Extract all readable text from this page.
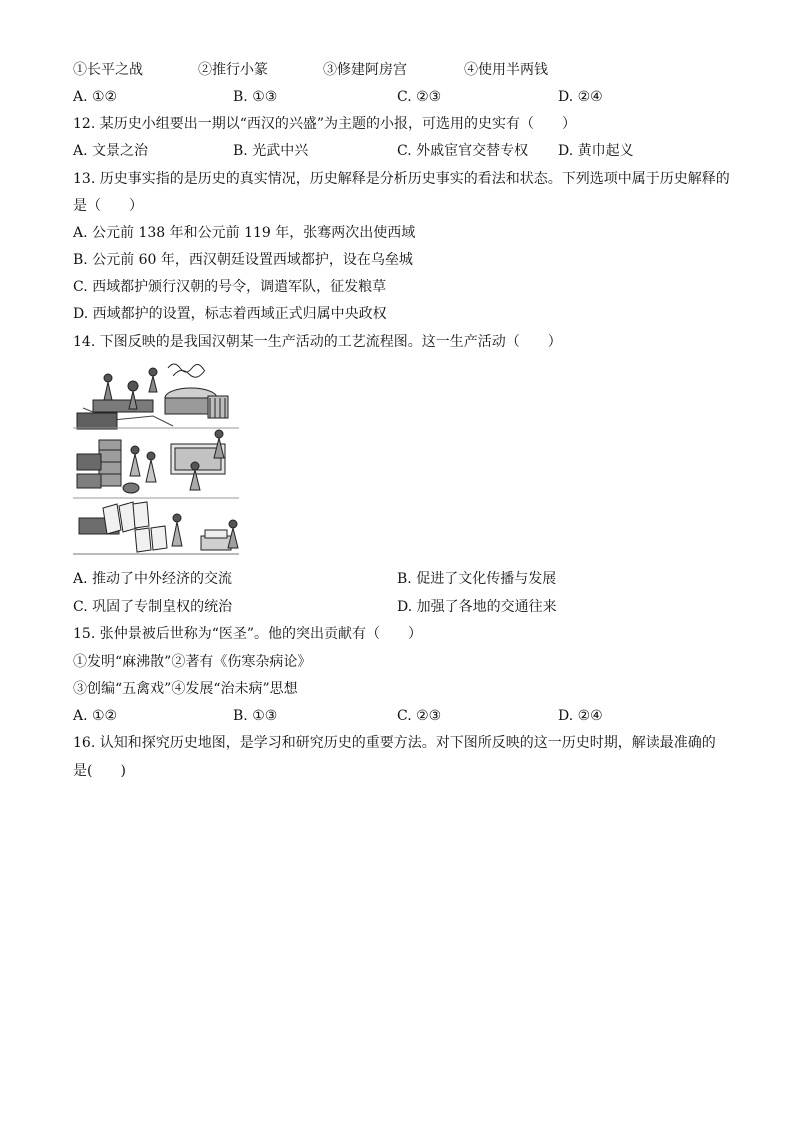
①长平之战	②推行小篆	③修建阿房宫	④使用半两钱
A. ①②	B. ①③	C. ②③	D. ②④
12. 某历史小组要出一期以“西汉的兴盛”为主题的小报，可选用的史实有（　　）
A. 文景之治	B. 光武中兴	C. 外戚宦官交替专权 D. 黄巾起义
13. 历史事实指的是历史的真实情况，历史解释是分析历史事实的看法和状态。下列选项中属于历史解释的
是（　　）
A. 公元前 138 年和公元前 119 年，张骞两次出使西域
B. 公元前 60 年，西汉朝廷设置西域都护，设在乌垒城
C. 西域都护颁行汉朝的号令，调遣军队，征发粮草
D. 西域都护的设置，标志着西域正式归属中央政权
14. 下图反映的是我国汉朝某一生产活动的工艺流程图。这一生产活动（　　）
A. 推动了中外经济的交流	B. 促进了文化传播与发展
C. 巩固了专制皇权的统治	D. 加强了各地的交通往来
15. 张仲景被后世称为“医圣”。他的突出贡献有（　　）
①发明“麻沸散”②著有《伤寒杂病论》
③创编“五禽戏”④发展“治未病”思想
A. ①②	B. ①③	C. ②③	D. ②④
16. 认知和探究历史地图，是学习和研究历史的重要方法。对下图所反映的这一历史时期，解读最准确的
是(　　)
